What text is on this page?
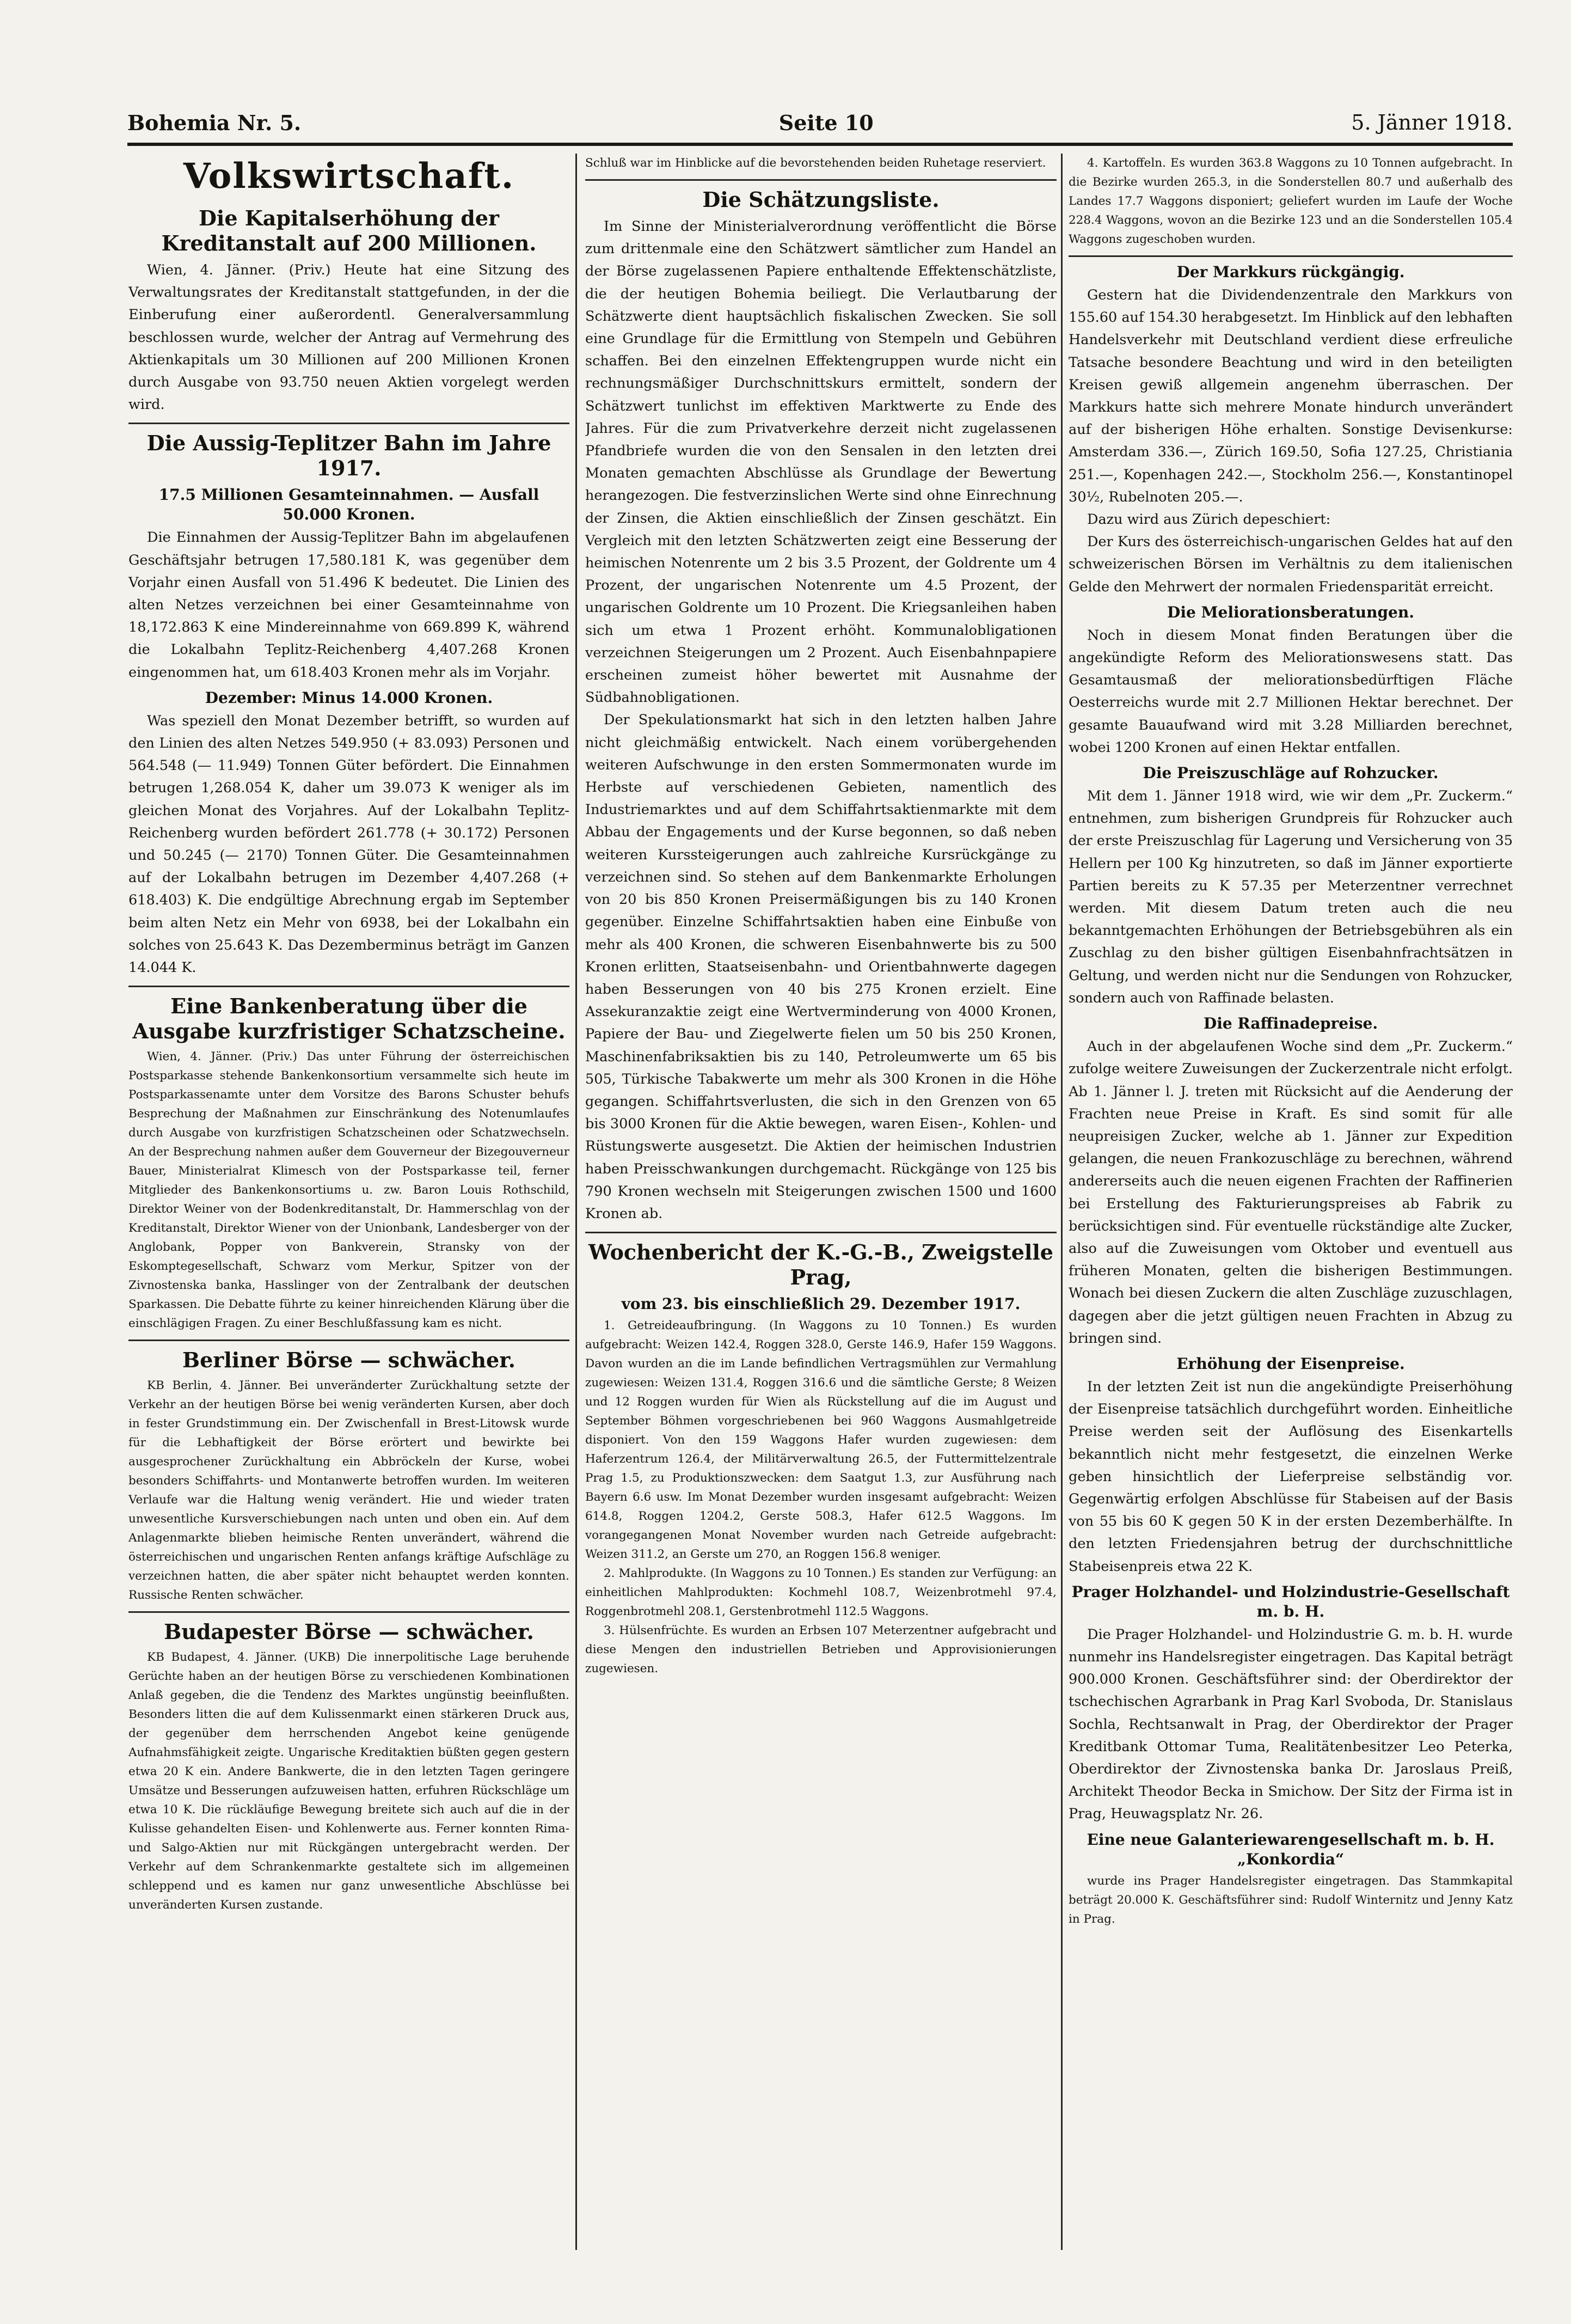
Bohemia Nr. 5.	Seite 10	5. Jänner 1918.
Volkswirtschaft.
Die Kapitalserhöhung der Kreditanstalt auf 200 Millionen.

Wien, 4. Jänner. (Priv.) Heute hat eine Sitzung des Verwaltungsrates der Kreditanstalt stattgefunden, in der die Einberufung einer außerordentl. Generalversammlung beschlossen wurde, welcher der Antrag auf Vermehrung des Aktienkapitals um 30 Millionen auf 200 Millionen Kronen durch Ausgabe von 93.750 neuen Aktien vorgelegt werden wird.

Die Aussig-Teplitzer Bahn im Jahre 1917.
17.5 Millionen Gesamteinnahmen. — Ausfall 50.000 Kronen.

Die Einnahmen der Aussig-Teplitzer Bahn im abgelaufenen Geschäftsjahr betrugen 17,580.181 K, was gegenüber dem Vorjahr einen Ausfall von 51.496 K bedeutet. Die Linien des alten Netzes verzeichnen bei einer Gesamteinnahme von 18,172.863 K eine Mindereinnahme von 669.899 K, während die Lokalbahn Teplitz-Reichenberg 4,407.268 Kronen eingenommen hat, um 618.403 Kronen mehr als im Vorjahr.

Dezember: Minus 14.000 Kronen.

Was speziell den Monat Dezember betrifft, so wurden auf den Linien des alten Netzes 549.950 (+ 83.093) Personen und 564.548 (— 11.949) Tonnen Güter befördert. Die Einnahmen betrugen 1,268.054 K, daher um 39.073 K weniger als im gleichen Monat des Vorjahres. Auf der Lokalbahn Teplitz-Reichenberg wurden befördert 261.778 (+ 30.172) Personen und 50.245 (— 2170) Tonnen Güter. Die Gesamteinnahmen auf der Lokalbahn betrugen im Dezember 4,407.268 (+ 618.403) K. Die endgültige Abrechnung ergab im September beim alten Netz ein Mehr von 6938, bei der Lokalbahn ein solches von 25.643 K. Das Dezemberminus beträgt im Ganzen 14.044 K.

Eine Bankenberatung über die Ausgabe kurzfristiger Schatzscheine.

Wien, 4. Jänner. (Priv.) Das unter Führung der österreichischen Postsparkasse stehende Bankenkonsortium versammelte sich heute im Postsparkassenamte unter dem Vorsitze des Barons Schuster behufs Besprechung der Maßnahmen zur Einschränkung des Notenumlaufes durch Ausgabe von kurzfristigen Schatzscheinen oder Schatzwechseln. An der Besprechung nahmen außer dem Gouverneur der Bizegouverneur Bauer, Ministerialrat Klimesch von der Postsparkasse teil, ferner Mitglieder des Bankenkonsortiums u. zw. Baron Louis Rothschild, Direktor Weiner von der Bodenkreditanstalt, Dr. Hammerschlag von der Kreditanstalt, Direktor Wiener von der Unionbank, Landesberger von der Anglobank, Popper von Bankverein, Stransky von der Eskomptegesellschaft, Schwarz vom Merkur, Spitzer von der Zivnostenska banka, Hasslinger von der Zentralbank der deutschen Sparkassen. Die Debatte führte zu keiner hinreichenden Klärung über die einschlägigen Fragen. Zu einer Beschlußfassung kam es nicht.

Berliner Börse — schwächer.

KB Berlin, 4. Jänner. Bei unveränderter Zurückhaltung setzte der Verkehr an der heutigen Börse bei wenig veränderten Kursen, aber doch in fester Grundstimmung ein. Der Zwischenfall in Brest-Litowsk wurde für die Lebhaftigkeit der Börse erörtert und bewirkte bei ausgesprochener Zurückhaltung ein Abbröckeln der Kurse, wobei besonders Schiffahrts- und Montanwerte betroffen wurden. Im weiteren Verlaufe war die Haltung wenig verändert. Hie und wieder traten unwesentliche Kursverschiebungen nach unten und oben ein. Auf dem Anlagenmarkte blieben heimische Renten unverändert, während die österreichischen und ungarischen Renten anfangs kräftige Aufschläge zu verzeichnen hatten, die aber später nicht behauptet werden konnten. Russische Renten schwächer.

Budapester Börse — schwächer.

KB Budapest, 4. Jänner. (UKB) Die innerpolitische Lage beruhende Gerüchte haben an der heutigen Börse zu verschiedenen Kombinationen Anlaß gegeben, die die Tendenz des Marktes ungünstig beeinflußten. Besonders litten die auf dem Kulissenmarkt einen stärkeren Druck aus, der gegenüber dem herrschenden Angebot keine genügende Aufnahmsfähigkeit zeigte. Ungarische Kreditaktien büßten gegen gestern etwa 20 K ein. Andere Bankwerte, die in den letzten Tagen geringere Umsätze und Besserungen aufzuweisen hatten, erfuhren Rückschläge um etwa 10 K. Die rückläufige Bewegung breitete sich auch auf die in der Kulisse gehandelten Eisen- und Kohlenwerte aus. Ferner konnten Rima- und Salgo-Aktien nur mit Rückgängen untergebracht werden. Der Verkehr auf dem Schrankenmarkte gestaltete sich im allgemeinen schleppend und es kamen nur ganz unwesentliche Abschlüsse bei unveränderten Kursen zustande.

Schluß war im Hinblicke auf die bevorstehenden beiden Ruhetage reserviert.

Die Schätzungsliste.

Im Sinne der Ministerialverordnung veröffentlicht die Börse zum drittenmale eine den Schätzwert sämtlicher zum Handel an der Börse zugelassenen Papiere enthaltende Effektenschätzliste, die der heutigen Bohemia beiliegt. Die Verlautbarung der Schätzwerte dient hauptsächlich fiskalischen Zwecken. Sie soll eine Grundlage für die Ermittlung von Stempeln und Gebühren schaffen. Bei den einzelnen Effektengruppen wurde nicht ein rechnungsmäßiger Durchschnittskurs ermittelt, sondern der Schätzwert tunlichst im effektiven Marktwerte zu Ende des Jahres. Für die zum Privatverkehre derzeit nicht zugelassenen Pfandbriefe wurden die von den Sensalen in den letzten drei Monaten gemachten Abschlüsse als Grundlage der Bewertung herangezogen. Die festverzinslichen Werte sind ohne Einrechnung der Zinsen, die Aktien einschließlich der Zinsen geschätzt. Ein Vergleich mit den letzten Schätzwerten zeigt eine Besserung der heimischen Notenrente um 2 bis 3.5 Prozent, der Goldrente um 4 Prozent, der ungarischen Notenrente um 4.5 Prozent, der ungarischen Goldrente um 10 Prozent. Die Kriegsanleihen haben sich um etwa 1 Prozent erhöht. Kommunalobligationen verzeichnen Steigerungen um 2 Prozent. Auch Eisenbahnpapiere erscheinen zumeist höher bewertet mit Ausnahme der Südbahnobligationen.

Der Spekulationsmarkt hat sich in den letzten halben Jahre nicht gleichmäßig entwickelt. Nach einem vorübergehenden weiteren Aufschwunge in den ersten Sommermonaten wurde im Herbste auf verschiedenen Gebieten, namentlich des Industriemarktes und auf dem Schiffahrtsaktienmarkte mit dem Abbau der Engagements und der Kurse begonnen, so daß neben weiteren Kurssteigerungen auch zahlreiche Kursrückgänge zu verzeichnen sind. So stehen auf dem Bankenmarkte Erholungen von 20 bis 850 Kronen Preisermäßigungen bis zu 140 Kronen gegenüber. Einzelne Schiffahrtsaktien haben eine Einbuße von mehr als 400 Kronen, die schweren Eisenbahnwerte bis zu 500 Kronen erlitten, Staatseisenbahn- und Orientbahnwerte dagegen haben Besserungen von 40 bis 275 Kronen erzielt. Eine Assekuranzaktie zeigt eine Wertverminderung von 4000 Kronen, Papiere der Bau- und Ziegelwerte fielen um 50 bis 250 Kronen, Maschinenfabriksaktien bis zu 140, Petroleumwerte um 65 bis 505, Türkische Tabakwerte um mehr als 300 Kronen in die Höhe gegangen. Schiffahrtsverlusten, die sich in den Grenzen von 65 bis 3000 Kronen für die Aktie bewegen, waren Eisen-, Kohlen- und Rüstungswerte ausgesetzt. Die Aktien der heimischen Industrien haben Preisschwankungen durchgemacht. Rückgänge von 125 bis 790 Kronen wechseln mit Steigerungen zwischen 1500 und 1600 Kronen ab.

Wochenbericht der K.-G.-B., Zweigstelle Prag,
vom 23. bis einschließlich 29. Dezember 1917.

1. Getreideaufbringung. (In Waggons zu 10 Tonnen.) Es wurden aufgebracht: Weizen 142.4, Roggen 328.0, Gerste 146.9, Hafer 159 Waggons. Davon wurden an die im Lande befindlichen Vertragsmühlen zur Vermahlung zugewiesen: Weizen 131.4, Roggen 316.6 und die sämtliche Gerste; 8 Weizen und 12 Roggen wurden für Wien als Rückstellung auf die im August und September Böhmen vorgeschriebenen bei 960 Waggons Ausmahlgetreide disponiert. Von den 159 Waggons Hafer wurden zugewiesen: dem Haferzentrum 126.4, der Militärverwaltung 26.5, der Futtermittelzentrale Prag 1.5, zu Produktionszwecken: dem Saatgut 1.3, zur Ausführung nach Bayern 6.6 usw. Im Monat Dezember wurden insgesamt aufgebracht: Weizen 614.8, Roggen 1204.2, Gerste 508.3, Hafer 612.5 Waggons. Im vorangegangenen Monat November wurden nach Getreide aufgebracht: Weizen 311.2, an Gerste um 270, an Roggen 156.8 weniger.

2. Mahlprodukte. (In Waggons zu 10 Tonnen.) Es standen zur Verfügung: an einheitlichen Mahlprodukten: Kochmehl 108.7, Weizenbrotmehl 97.4, Roggenbrotmehl 208.1, Gerstenbrotmehl 112.5 Waggons.

3. Hülsenfrüchte. Es wurden an Erbsen 107 Meterzentner aufgebracht und diese Mengen den industriellen Betrieben und Approvisionierungen zugewiesen.

4. Kartoffeln. Es wurden 363.8 Waggons zu 10 Tonnen aufgebracht. In die Bezirke wurden 265.3, in die Sonderstellen 80.7 und außerhalb des Landes 17.7 Waggons disponiert; geliefert wurden im Laufe der Woche 228.4 Waggons, wovon an die Bezirke 123 und an die Sonderstellen 105.4 Waggons zugeschoben wurden.

Der Markkurs rückgängig.

Gestern hat die Dividendenzentrale den Markkurs von 155.60 auf 154.30 herabgesetzt. Im Hinblick auf den lebhaften Handelsverkehr mit Deutschland verdient diese erfreuliche Tatsache besondere Beachtung und wird in den beteiligten Kreisen gewiß allgemein angenehm überraschen. Der Markkurs hatte sich mehrere Monate hindurch unverändert auf der bisherigen Höhe erhalten. Sonstige Devisenkurse: Amsterdam 336.—, Zürich 169.50, Sofia 127.25, Christiania 251.—, Kopenhagen 242.—, Stockholm 256.—, Konstantinopel 30½, Rubelnoten 205.—.

Dazu wird aus Zürich depeschiert:

Der Kurs des österreichisch-ungarischen Geldes hat auf den schweizerischen Börsen im Verhältnis zu dem italienischen Gelde den Mehrwert der normalen Friedensparität erreicht.

Die Meliorationsberatungen.

Noch in diesem Monat finden Beratungen über die angekündigte Reform des Meliorationswesens statt. Das Gesamtausmaß der meliorationsbedürftigen Fläche Oesterreichs wurde mit 2.7 Millionen Hektar berechnet. Der gesamte Bauaufwand wird mit 3.28 Milliarden berechnet, wobei 1200 Kronen auf einen Hektar entfallen.

Die Preiszuschläge auf Rohzucker.

Mit dem 1. Jänner 1918 wird, wie wir dem „Pr. Zuckerm.“ entnehmen, zum bisherigen Grundpreis für Rohzucker auch der erste Preiszuschlag für Lagerung und Versicherung von 35 Hellern per 100 Kg hinzutreten, so daß im Jänner exportierte Partien bereits zu K 57.35 per Meterzentner verrechnet werden. Mit diesem Datum treten auch die neu bekanntgemachten Erhöhungen der Betriebsgebühren als ein Zuschlag zu den bisher gültigen Eisenbahnfrachtsätzen in Geltung, und werden nicht nur die Sendungen von Rohzucker, sondern auch von Raffinade belasten.

Die Raffinadepreise.

Auch in der abgelaufenen Woche sind dem „Pr. Zuckerm.“ zufolge weitere Zuweisungen der Zuckerzentrale nicht erfolgt. Ab 1. Jänner l. J. treten mit Rücksicht auf die Aenderung der Frachten neue Preise in Kraft. Es sind somit für alle neupreisigen Zucker, welche ab 1. Jänner zur Expedition gelangen, die neuen Frankozuschläge zu berechnen, während andererseits auch die neuen eigenen Frachten der Raffinerien bei Erstellung des Fakturierungspreises ab Fabrik zu berücksichtigen sind. Für eventuelle rückständige alte Zucker, also auf die Zuweisungen vom Oktober und eventuell aus früheren Monaten, gelten die bisherigen Bestimmungen. Wonach bei diesen Zuckern die alten Zuschläge zuzuschlagen, dagegen aber die jetzt gültigen neuen Frachten in Abzug zu bringen sind.

Erhöhung der Eisenpreise.

In der letzten Zeit ist nun die angekündigte Preiserhöhung der Eisenpreise tatsächlich durchgeführt worden. Einheitliche Preise werden seit der Auflösung des Eisenkartells bekanntlich nicht mehr festgesetzt, die einzelnen Werke geben hinsichtlich der Lieferpreise selbständig vor. Gegenwärtig erfolgen Abschlüsse für Stabeisen auf der Basis von 55 bis 60 K gegen 50 K in der ersten Dezemberhälfte. In den letzten Friedensjahren betrug der durchschnittliche Stabeisenpreis etwa 22 K.

Prager Holzhandel- und Holzindustrie-Gesellschaft m. b. H.

Die Prager Holzhandel- und Holzindustrie G. m. b. H. wurde nunmehr ins Handelsregister eingetragen. Das Kapital beträgt 900.000 Kronen. Geschäftsführer sind: der Oberdirektor der tschechischen Agrarbank in Prag Karl Svoboda, Dr. Stanislaus Sochla, Rechtsanwalt in Prag, der Oberdirektor der Prager Kreditbank Ottomar Tuma, Realitätenbesitzer Leo Peterka, Oberdirektor der Zivnostenska banka Dr. Jaroslaus Preiß, Architekt Theodor Becka in Smichow. Der Sitz der Firma ist in Prag, Heuwagsplatz Nr. 26.

Eine neue Galanteriewarengesellschaft m. b. H. „Konkordia“

wurde ins Prager Handelsregister eingetragen. Das Stammkapital beträgt 20.000 K. Geschäftsführer sind: Rudolf Winternitz und Jenny Katz in Prag.
